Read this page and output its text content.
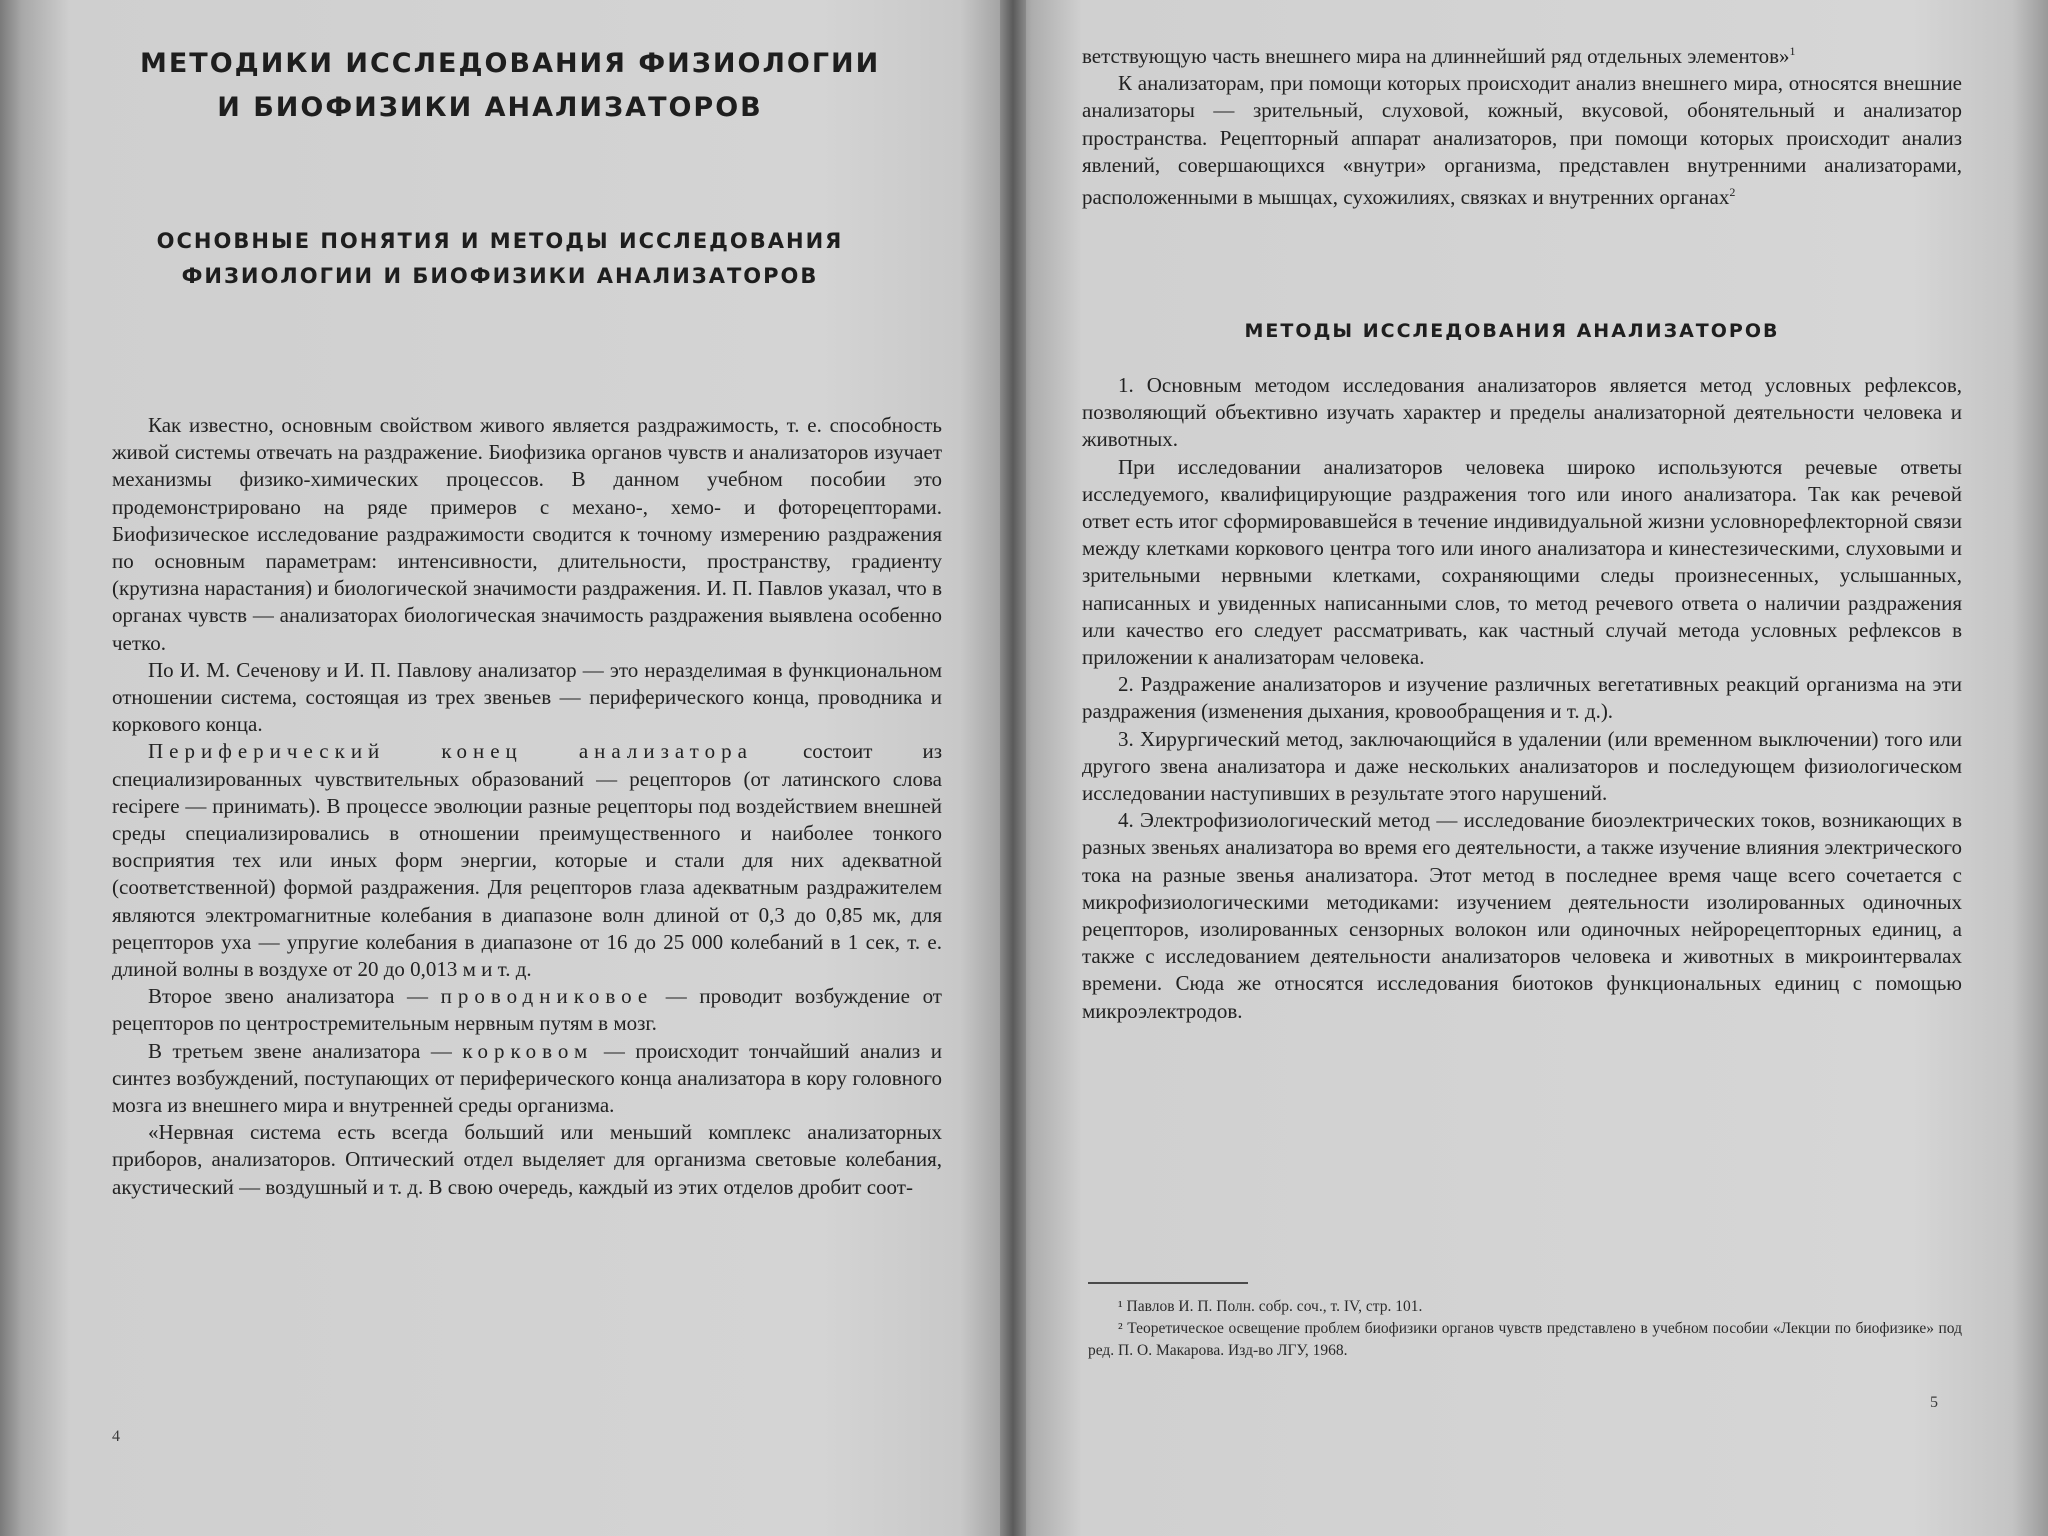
МЕТОДИКИ ИССЛЕДОВАНИЯ ФИЗИОЛОГИИ
И БИОФИЗИКИ АНАЛИЗАТОРОВ
ОСНОВНЫЕ ПОНЯТИЯ И МЕТОДЫ ИССЛЕДОВАНИЯ
ФИЗИОЛОГИИ И БИОФИЗИКИ АНАЛИЗАТОРОВ

Как известно, основным свойством живого является раздражимость, т. е. способность живой системы отвечать на раздражение. Биофизика органов чувств и анализаторов изучает механизмы физико-химических процессов. В данном учебном пособии это продемонстрировано на ряде примеров с механо-, хемо- и фоторецепторами. Биофизическое исследование раздражимости сводится к точному измерению раздражения по основным параметрам: интенсивности, длительности, пространству, градиенту (крутизна нарастания) и биологической значимости раздражения. И. П. Павлов указал, что в органах чувств — анализаторах биологическая значимость раздражения выявлена особенно четко.

По И. М. Сеченову и И. П. Павлову анализатор — это неразделимая в функциональном отношении система, состоящая из трех звеньев — периферического конца, проводника и коркового конца.

Периферический конец анализатора состоит из специализированных чувствительных образований — рецепторов (от латинского слова recipere — принимать). В процессе эволюции разные рецепторы под воздействием внешней среды специализировались в отношении преимущественного и наиболее тонкого восприятия тех или иных форм энергии, которые и стали для них адекватной (соответственной) формой раздражения. Для рецепторов глаза адекватным раздражителем являются электромагнитные колебания в диапазоне волн длиной от 0,3 до 0,85 мк, для рецепторов уха — упругие колебания в диапазоне от 16 до 25 000 колебаний в 1 сек, т. е. длиной волны в воздухе от 20 до 0,013 м и т. д.

Второе звено анализатора — проводниковое — проводит возбуждение от рецепторов по центростремительным нервным путям в мозг.

В третьем звене анализатора — корковом — происходит тончайший анализ и синтез возбуждений, поступающих от периферического конца анализатора в кору головного мозга из внешнего мира и внутренней среды организма.

«Нервная система есть всегда больший или меньший комплекс анализаторных приборов, анализаторов. Оптический отдел выделяет для организма световые колебания, акустический — воздушный и т. д. В свою очередь, каждый из этих отделов дробит соот-

4

ветствующую часть внешнего мира на длиннейший ряд отдельных элементов»$^1$

К анализаторам, при помощи которых происходит анализ внешнего мира, относятся внешние анализаторы — зрительный, слуховой, кожный, вкусовой, обонятельный и анализатор пространства. Рецепторный аппарат анализаторов, при помощи которых происходит анализ явлений, совершающихся «внутри» организма, представлен внутренними анализаторами, расположенными в мышцах, сухожилиях, связках и внутренних органах$^2$

МЕТОДЫ ИССЛЕДОВАНИЯ АНАЛИЗАТОРОВ

1. Основным методом исследования анализаторов является метод условных рефлексов, позволяющий объективно изучать характер и пределы анализаторной деятельности человека и животных.

При исследовании анализаторов человека широко используются речевые ответы исследуемого, квалифицирующие раздражения того или иного анализатора. Так как речевой ответ есть итог сформировавшейся в течение индивидуальной жизни условнорефлекторной связи между клетками коркового центра того или иного анализатора и кинестезическими, слуховыми и зрительными нервными клетками, сохраняющими следы произнесенных, услышанных, написанных и увиденных написанными слов, то метод речевого ответа о наличии раздражения или качество его следует рассматривать, как частный случай метода условных рефлексов в приложении к анализаторам человека.

2. Раздражение анализаторов и изучение различных вегетативных реакций организма на эти раздражения (изменения дыхания, кровообращения и т. д.).

3. Хирургический метод, заключающийся в удалении (или временном выключении) того или другого звена анализатора и даже нескольких анализаторов и последующем физиологическом исследовании наступивших в результате этого нарушений.

4. Электрофизиологический метод — исследование биоэлектрических токов, возникающих в разных звеньях анализатора во время его деятельности, а также изучение влияния электрического тока на разные звенья анализатора. Этот метод в последнее время чаще всего сочетается с микрофизиологическими методиками: изучением деятельности изолированных одиночных рецепторов, изолированных сензорных волокон или одиночных нейрорецепторных единиц, а также с исследованием деятельности анализаторов человека и животных в микроинтервалах времени. Сюда же относятся исследования биотоков функциональных единиц с помощью микроэлектродов.

¹ Павлов И. П. Полн. собр. соч., т. IV, стр. 101.

² Теоретическое освещение проблем биофизики органов чувств представлено в учебном пособии «Лекции по биофизике» под ред. П. О. Макарова. Изд-во ЛГУ, 1968.

5
